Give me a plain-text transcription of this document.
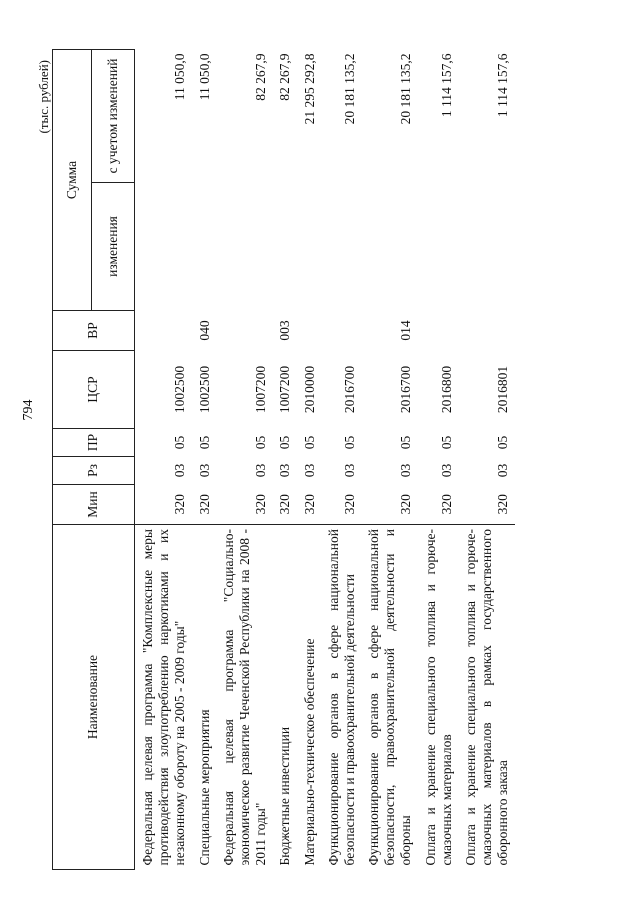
794
(тыс. рублей)
Наименование	Мин	Рз	ПР	ЦСР	ВР	Сумма	
						изменения	с учетом изменений
Федеральная целевая программа "Комплексные меры противодействия злоупотреблению наркотиками и их незаконному обороту на 2005 - 2009 годы"	320	03	05	1002500			11 050,0
Специальные мероприятия	320	03	05	1002500	040		11 050,0
Федеральная целевая программа "Социально-экономическое развитие Чеченской Республики на 2008 - 2011 годы"	320	03	05	1007200			82 267,9
Бюджетные инвестиции	320	03	05	1007200	003		82 267,9
Материально-техническое обеспечение	320	03	05	2010000			21 295 292,8
Функционирование органов в сфере национальной безопасности и правоохранительной деятельности	320	03	05	2016700			20 181 135,2
Функционирование органов в сфере национальной безопасности, правоохранительной деятельности и обороны	320	03	05	2016700	014		20 181 135,2
Оплата и хранение специального топлива и горюче-смазочных материалов	320	03	05	2016800			1 114 157,6
Оплата и хранение специального топлива и горюче-смазочных материалов в рамках государственного оборонного заказа	320	03	05	2016801			1 114 157,6
